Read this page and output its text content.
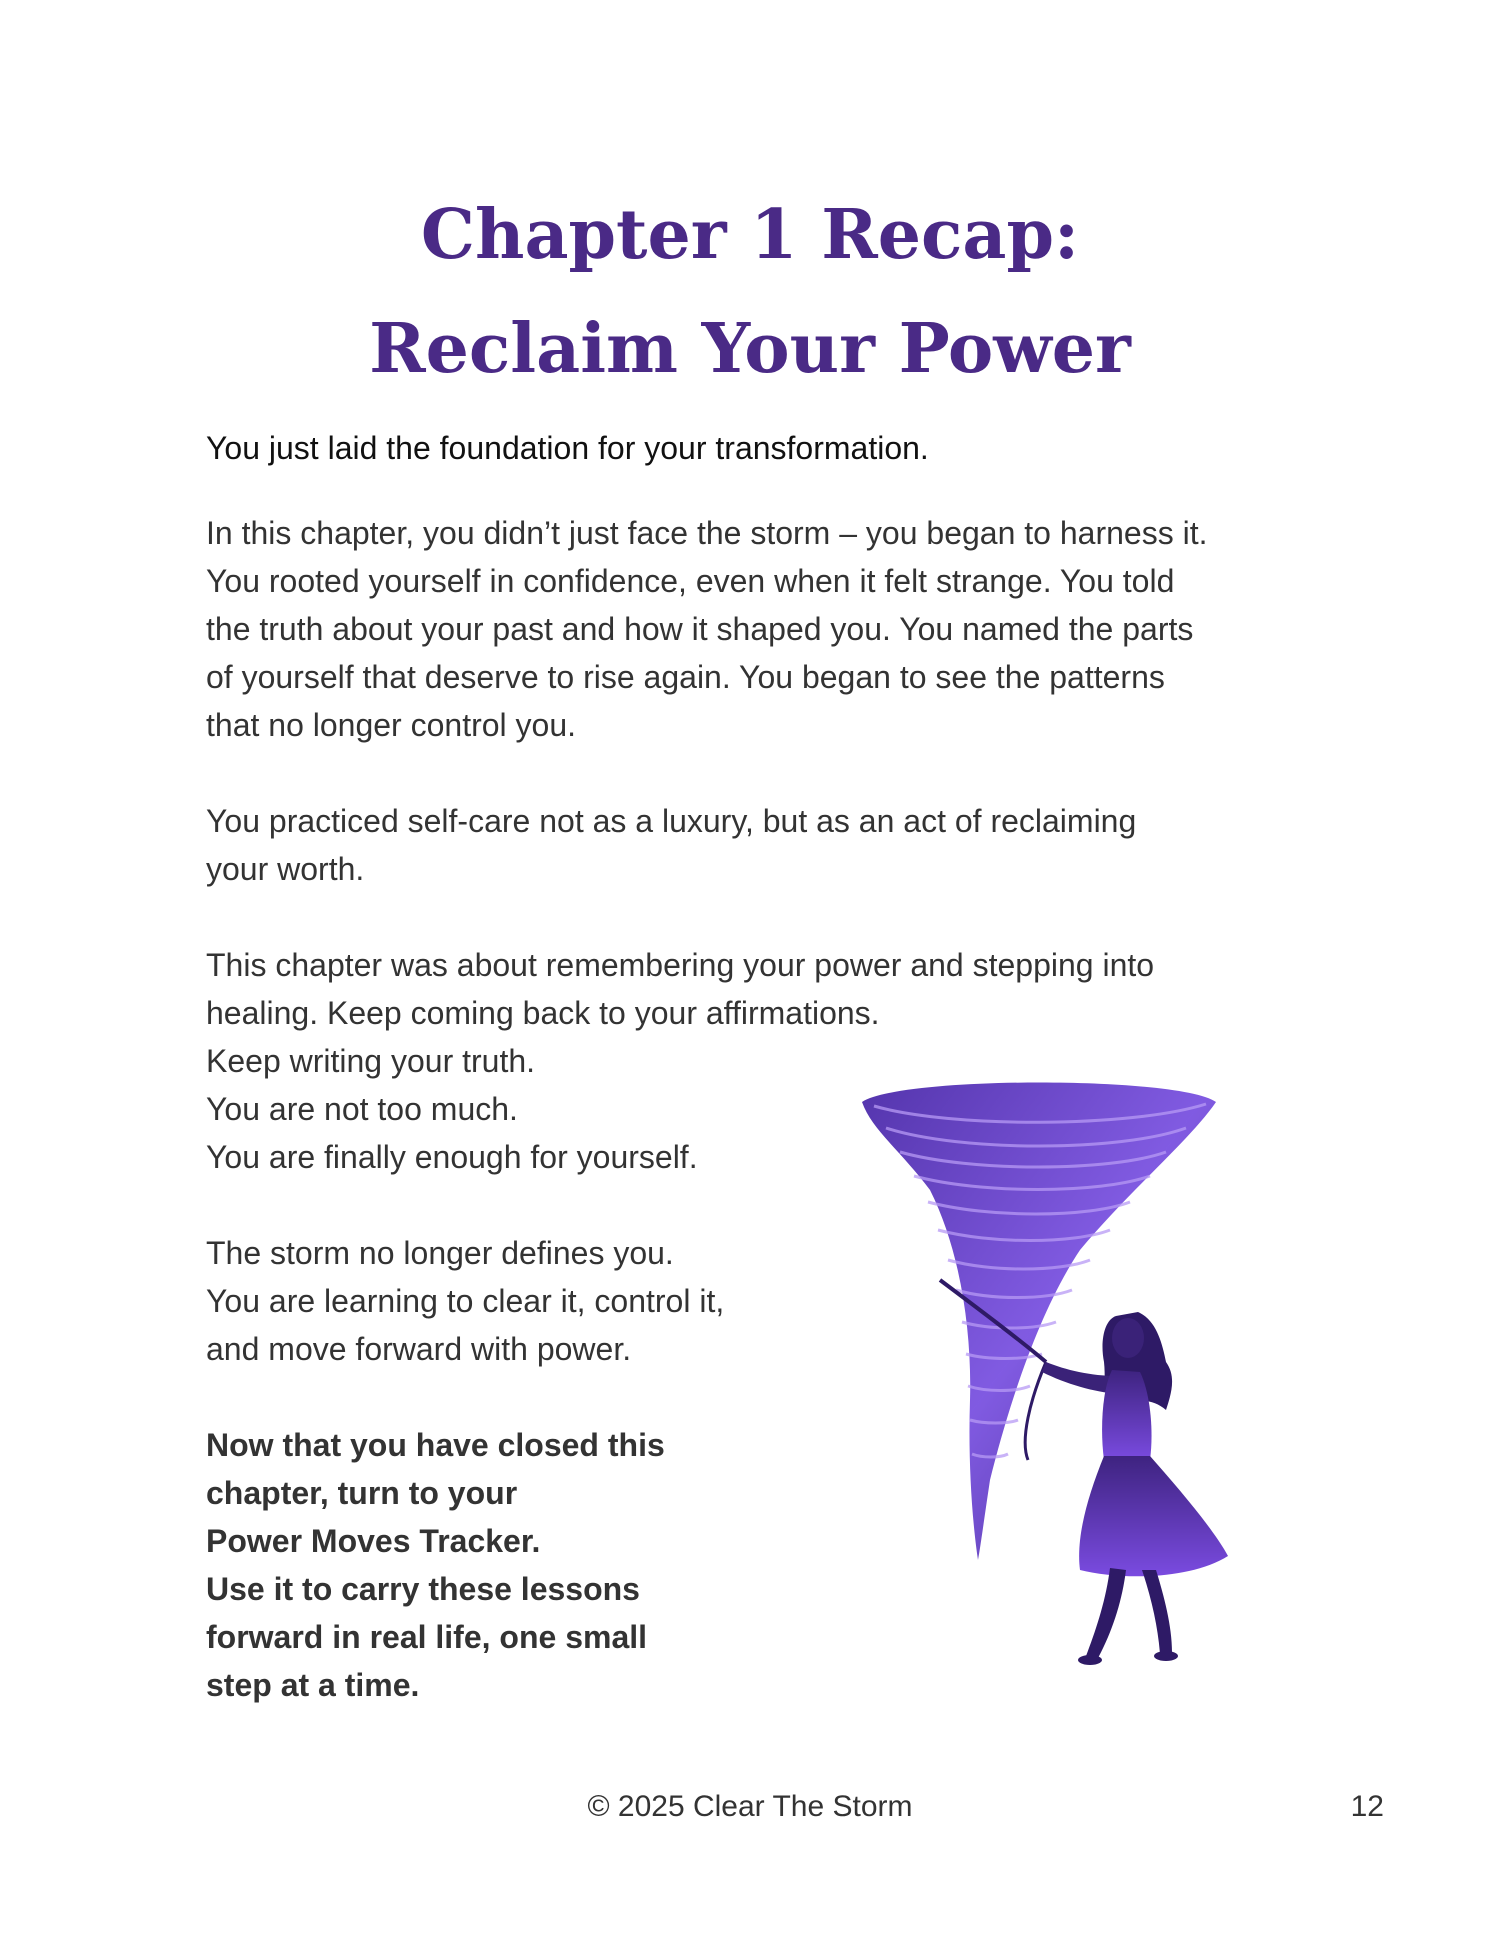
Chapter 1 Recap:
Reclaim Your Power

You just laid the foundation for your transformation.

In this chapter, you didn’t just face the storm – you began to harness it.
You rooted yourself in confidence, even when it felt strange. You told
the truth about your past and how it shaped you. You named the parts
of yourself that deserve to rise again. You began to see the patterns
that no longer control you.

You practiced self-care not as a luxury, but as an act of reclaiming
your worth.

This chapter was about remembering your power and stepping into
healing. Keep coming back to your affirmations.
Keep writing your truth.
You are not too much.
You are finally enough for yourself.

The storm no longer defines you.
You are learning to clear it, control it,
and move forward with power.

Now that you have closed this
chapter, turn to your
Power Moves Tracker.
Use it to carry these lessons
forward in real life, one small
step at a time.

© 2025 Clear The Storm	12
